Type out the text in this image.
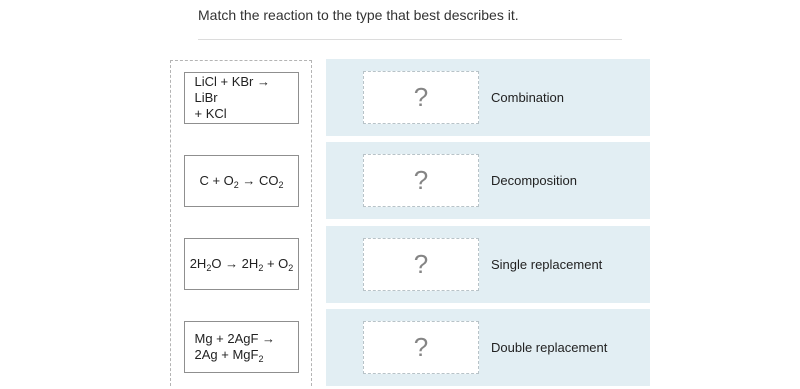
Match the reaction to the type that best describes it.
LiCl + KBr → LiBr
+ KCl
$C + O_2 \to CO_2$
$2H_2O \to 2H_2 + O_2$
Mg + 2AgF →
2Ag + MgF$_2$
?	Combination
?	Decomposition
?	Single replacement
?	Double replacement
